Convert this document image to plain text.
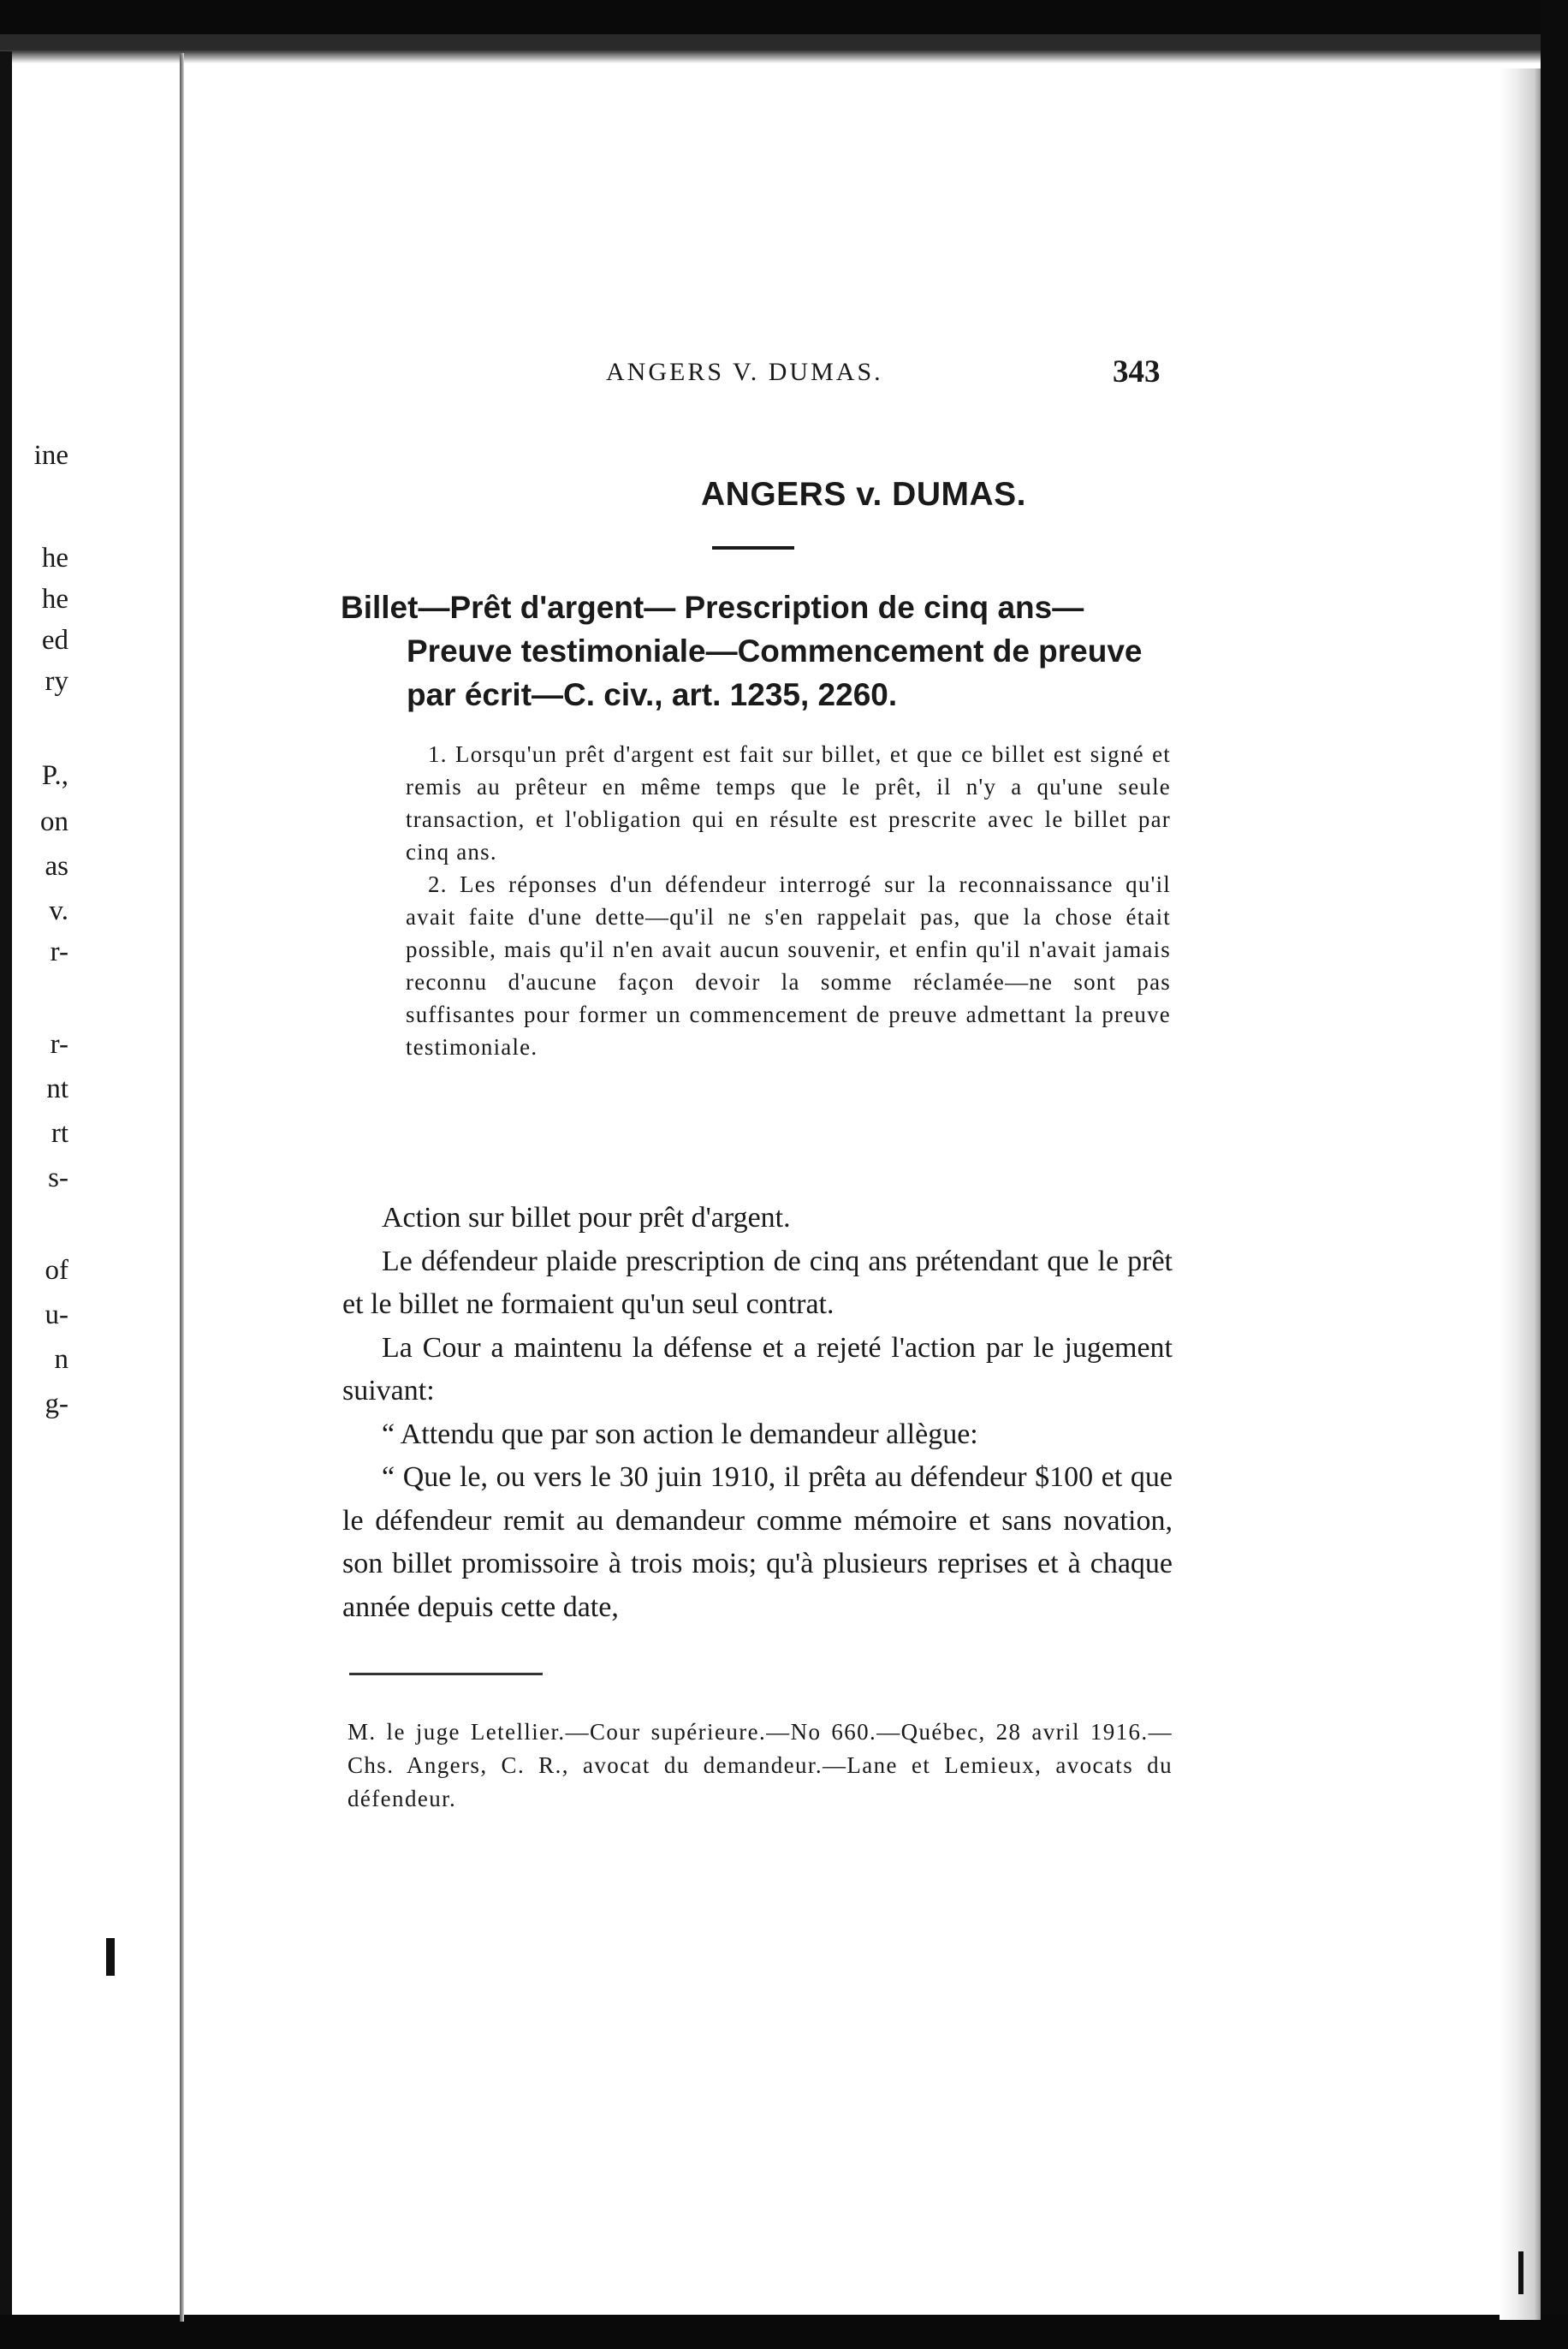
ine
he
he
ed
ry
P.,
on
as
v.
r-
r-
nt
rt
s-
of
u-
n
g-
ANGERS V. DUMAS.	343
ANGERS v. DUMAS.
Billet—Prêt d'argent— Prescription de cinq ans—
Preuve testimoniale—Commencement de preuve
par écrit—C. civ., art. 1235, 2260.

1. Lorsqu'un prêt d'argent est fait sur billet, et que ce billet est signé et remis au prêteur en même temps que le prêt, il n'y a qu'une seule transaction, et l'obligation qui en résulte est prescrite avec le billet par cinq ans.

2. Les réponses d'un défendeur interrogé sur la reconnaissance qu'il avait faite d'une dette—qu'il ne s'en rappelait pas, que la chose était possible, mais qu'il n'en avait aucun souvenir, et enfin qu'il n'avait jamais reconnu d'aucune façon devoir la somme réclamée—ne sont pas suffisantes pour former un commencement de preuve admettant la preuve testimoniale.

Action sur billet pour prêt d'argent.

Le défendeur plaide prescription de cinq ans prétendant que le prêt et le billet ne formaient qu'un seul contrat.

La Cour a maintenu la défense et a rejeté l'action par le jugement suivant:

“ Attendu que par son action le demandeur allègue:

“ Que le, ou vers le 30 juin 1910, il prêta au défendeur $100 et que le défendeur remit au demandeur comme mémoire et sans novation, son billet promissoire à trois mois; qu'à plusieurs reprises et à chaque année depuis cette date,

M. le juge Letellier.—Cour supérieure.—No 660.—Québec, 28 avril 1916.—Chs. Angers, C. R., avocat du demandeur.—Lane et Lemieux, avocats du défendeur.
